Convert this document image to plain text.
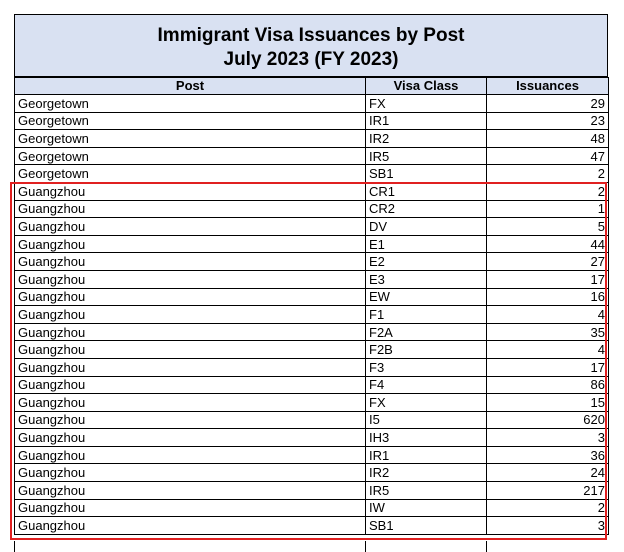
Immigrant Visa Issuances by Post
July 2023 (FY 2023)
Post	Visa Class	Issuances
Georgetown	FX	29
Georgetown	IR1	23
Georgetown	IR2	48
Georgetown	IR5	47
Georgetown	SB1	2
Guangzhou	CR1	2
Guangzhou	CR2	1
Guangzhou	DV	5
Guangzhou	E1	44
Guangzhou	E2	27
Guangzhou	E3	17
Guangzhou	EW	16
Guangzhou	F1	4
Guangzhou	F2A	35
Guangzhou	F2B	4
Guangzhou	F3	17
Guangzhou	F4	86
Guangzhou	FX	15
Guangzhou	I5	620
Guangzhou	IH3	3
Guangzhou	IR1	36
Guangzhou	IR2	24
Guangzhou	IR5	217
Guangzhou	IW	2
Guangzhou	SB1	3
